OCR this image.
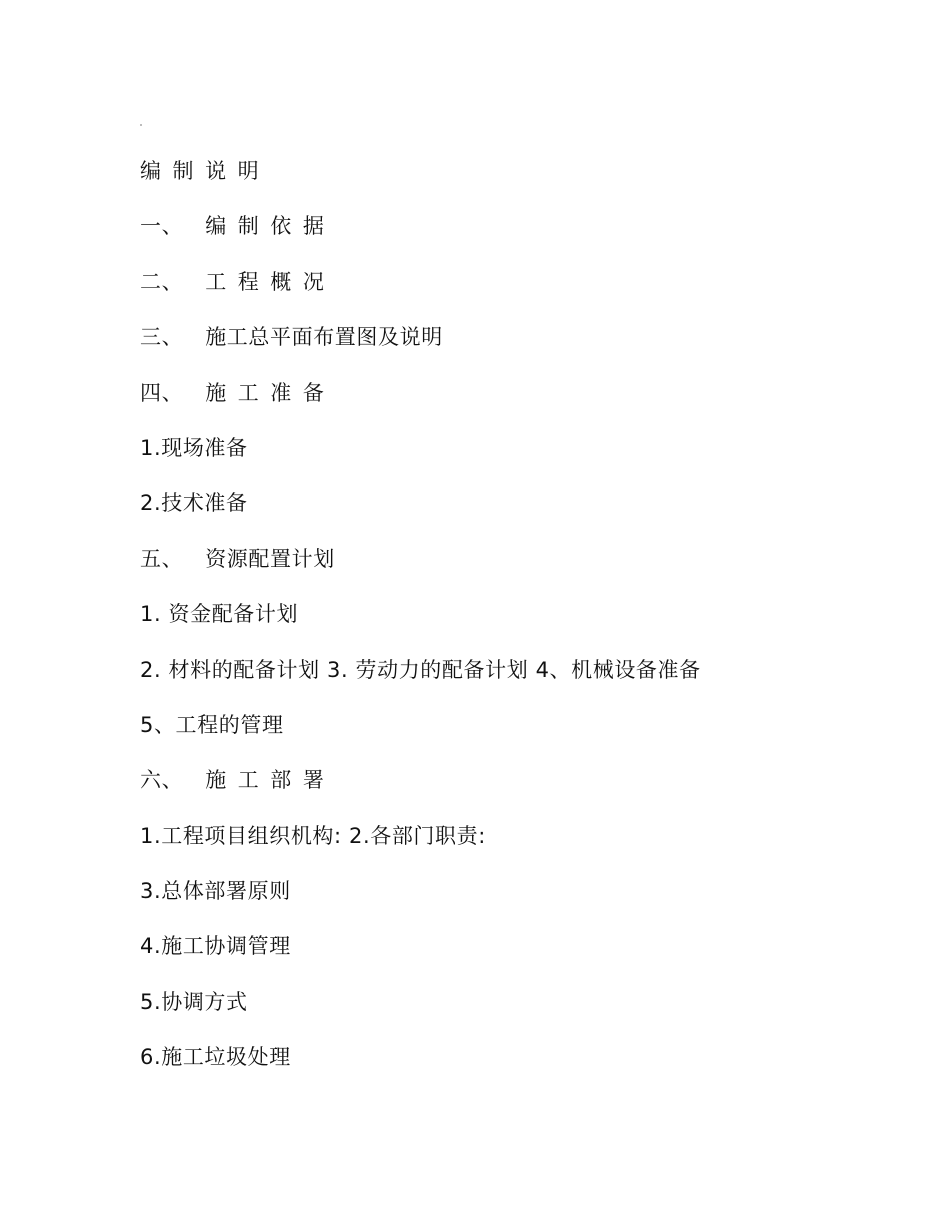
编制说明
一、 编制依据
二、 工程概况
三、 施工总平面布置图及说明
四、 施工准备
1.现场准备
2.技术准备
五、 资源配置计划
1. 资金配备计划
2. 材料的配备计划 3. 劳动力的配备计划 4、机械设备准备
5、工程的管理
六、 施工部署
1.工程项目组织机构: 2.各部门职责:
3.总体部署原则
4.施工协调管理
5.协调方式
6.施工垃圾处理
